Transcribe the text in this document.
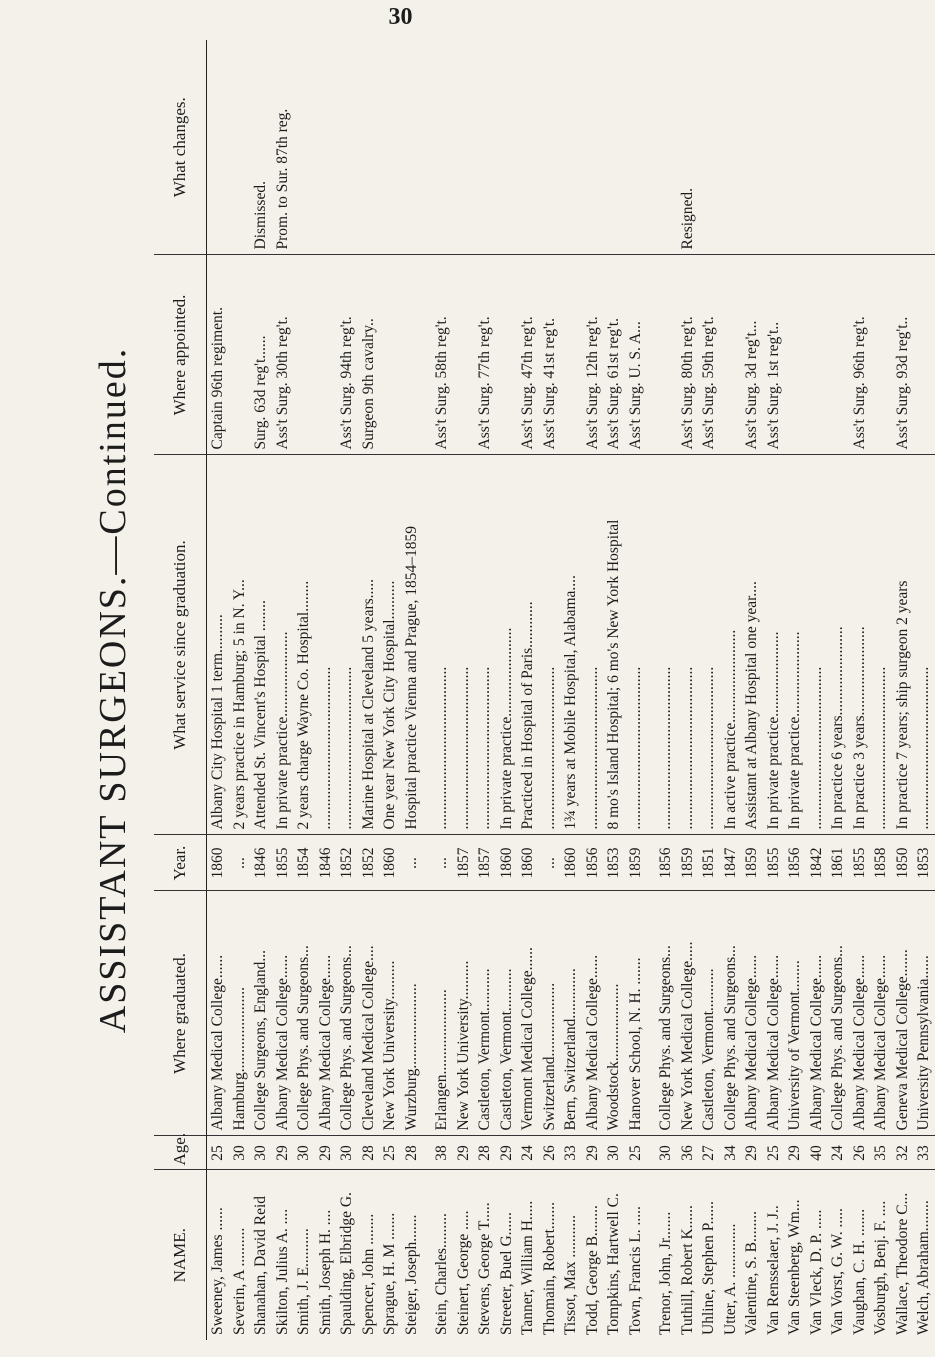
30
ASSISTANT SURGEONS.—Continued.
NAME.	Age.	Where graduated.	Year.	What service since graduation.	Where appointed.	What changes.
Sweeney, James ......	25	Albany Medical College......	1860	Albany City Hospital 1 term..........	Captain 96th regiment.	
Severin, A ..........	30	Hamburg......................	...	2 years practice in Hamburg; 5 in N. Y...		
Shanahan, David Reid	30	College Surgeons, England...	1846	Attended St. Vincent's Hospital ........	Surg. 63d reg't......	Dismissed.
Skilton, Julius A. ....	29	Albany Medical College......	1855	In private practice......................	Ass't Surg. 30th reg't.	Prom. to Sur. 87th reg.
Smith, J. E..........	30	College Phys. and Surgeons...	1854	2 years charge Wayne Co. Hospital........		
Smith, Joseph H. ....	29	Albany Medical College......	1846	..........................................		
Spaulding, Elbridge G.	30	College Phys. and Surgeons...	1852	..........................................	Ass't Surg. 94th reg't.	
Spencer, John ........	28	Cleveland Medical College....	1852	Marine Hospital at Cleveland 5 years.....	Surgeon 9th cavalry..	
Sprague, H. M .......	25	New York University..........	1860	One year New York City Hospital..........		
Steiger, Joseph.......	28	Wurzburg......................	...	Hospital practice Vienna and Prague, 1854–1859		
Stein, Charles.........	38	Erlangen......................	...	..........................................	Ass't Surg. 58th reg't.	
Steinert, George .....	29	New York University..........	1857	..........................................		
Stevens, George T.....	28	Castleton, Vermont...........	1857	..........................................	Ass't Surg. 77th reg't.	
Streeter, Buel G......	29	Castleton, Vermont...........	1860	In private practice.......................		
Tanner, William H.....	24	Vermont Medical College......	1860	Practiced in Hospital of Paris............	Ass't Surg. 47th reg't.	
Thomain, Robert.......	26	Switzerland...................	...	..........................................	Ass't Surg. 41st reg't.	
Tissot, Max ...........	33	Bern, Switzerland.............	1860	1¾ years at Mobile Hospital, Alabama....		
Todd, George B........	29	Albany Medical College......	1856	..........................................	Ass't Surg. 12th reg't.	
Tompkins, Hartwell C.	30	Woodstock....................	1853	8 mo's Island Hospital; 6 mo's New York Hospital	Ass't Surg. 61st reg't.	
Town, Francis L. .....	25	Hanover School, N. H. .......	1859	..........................................	Ass't Surg. U. S. A...	
Trenor, John, Jr.......	30	College Phys. and Surgeons...	1856	..........................................		
Tuthill, Robert K......	36	New York Medical College.....	1859	..........................................	Ass't Surg. 80th reg't.	Resigned.
Uhline, Stephen P......	27	Castleton, Vermont...........	1851	..........................................	Ass't Surg. 59th reg't.	
Utter, A. ..............	34	College Phys. and Surgeons...	1847	In active practice........................		
Valentine, S. B........	29	Albany Medical College......	1859	Assistant at Albany Hospital one year....	Ass't Surg. 3d reg't...	
Van Rensselaer, J. J..	25	Albany Medical College......	1855	In private practice......................	Ass't Surg. 1st reg't..	
Van Steenberg, Wm...	29	University of Vermont........	1856	In private practice......................		
Van Vleck, D. P. .....	40	Albany Medical College......	1842	..........................................		
Van Vorst, G. W. .....	24	College Phys. and Surgeons...	1861	In practice 6 years.......................		
Vaughan, C. H. .......	26	Albany Medical College......	1855	In practice 3 years.......................	Ass't Surg. 96th reg't.	
Vosburgh, Benj. F. ....	35	Albany Medical College......	1858	..........................................		
Wallace, Theodore C...	32	Geneva Medical College.......	1850	In practice 7 years; ship surgeon 2 years	Ass't Surg. 93d reg't..	
Welch, Abraham........	33	University Pennsylvania......	1853	..........................................		
